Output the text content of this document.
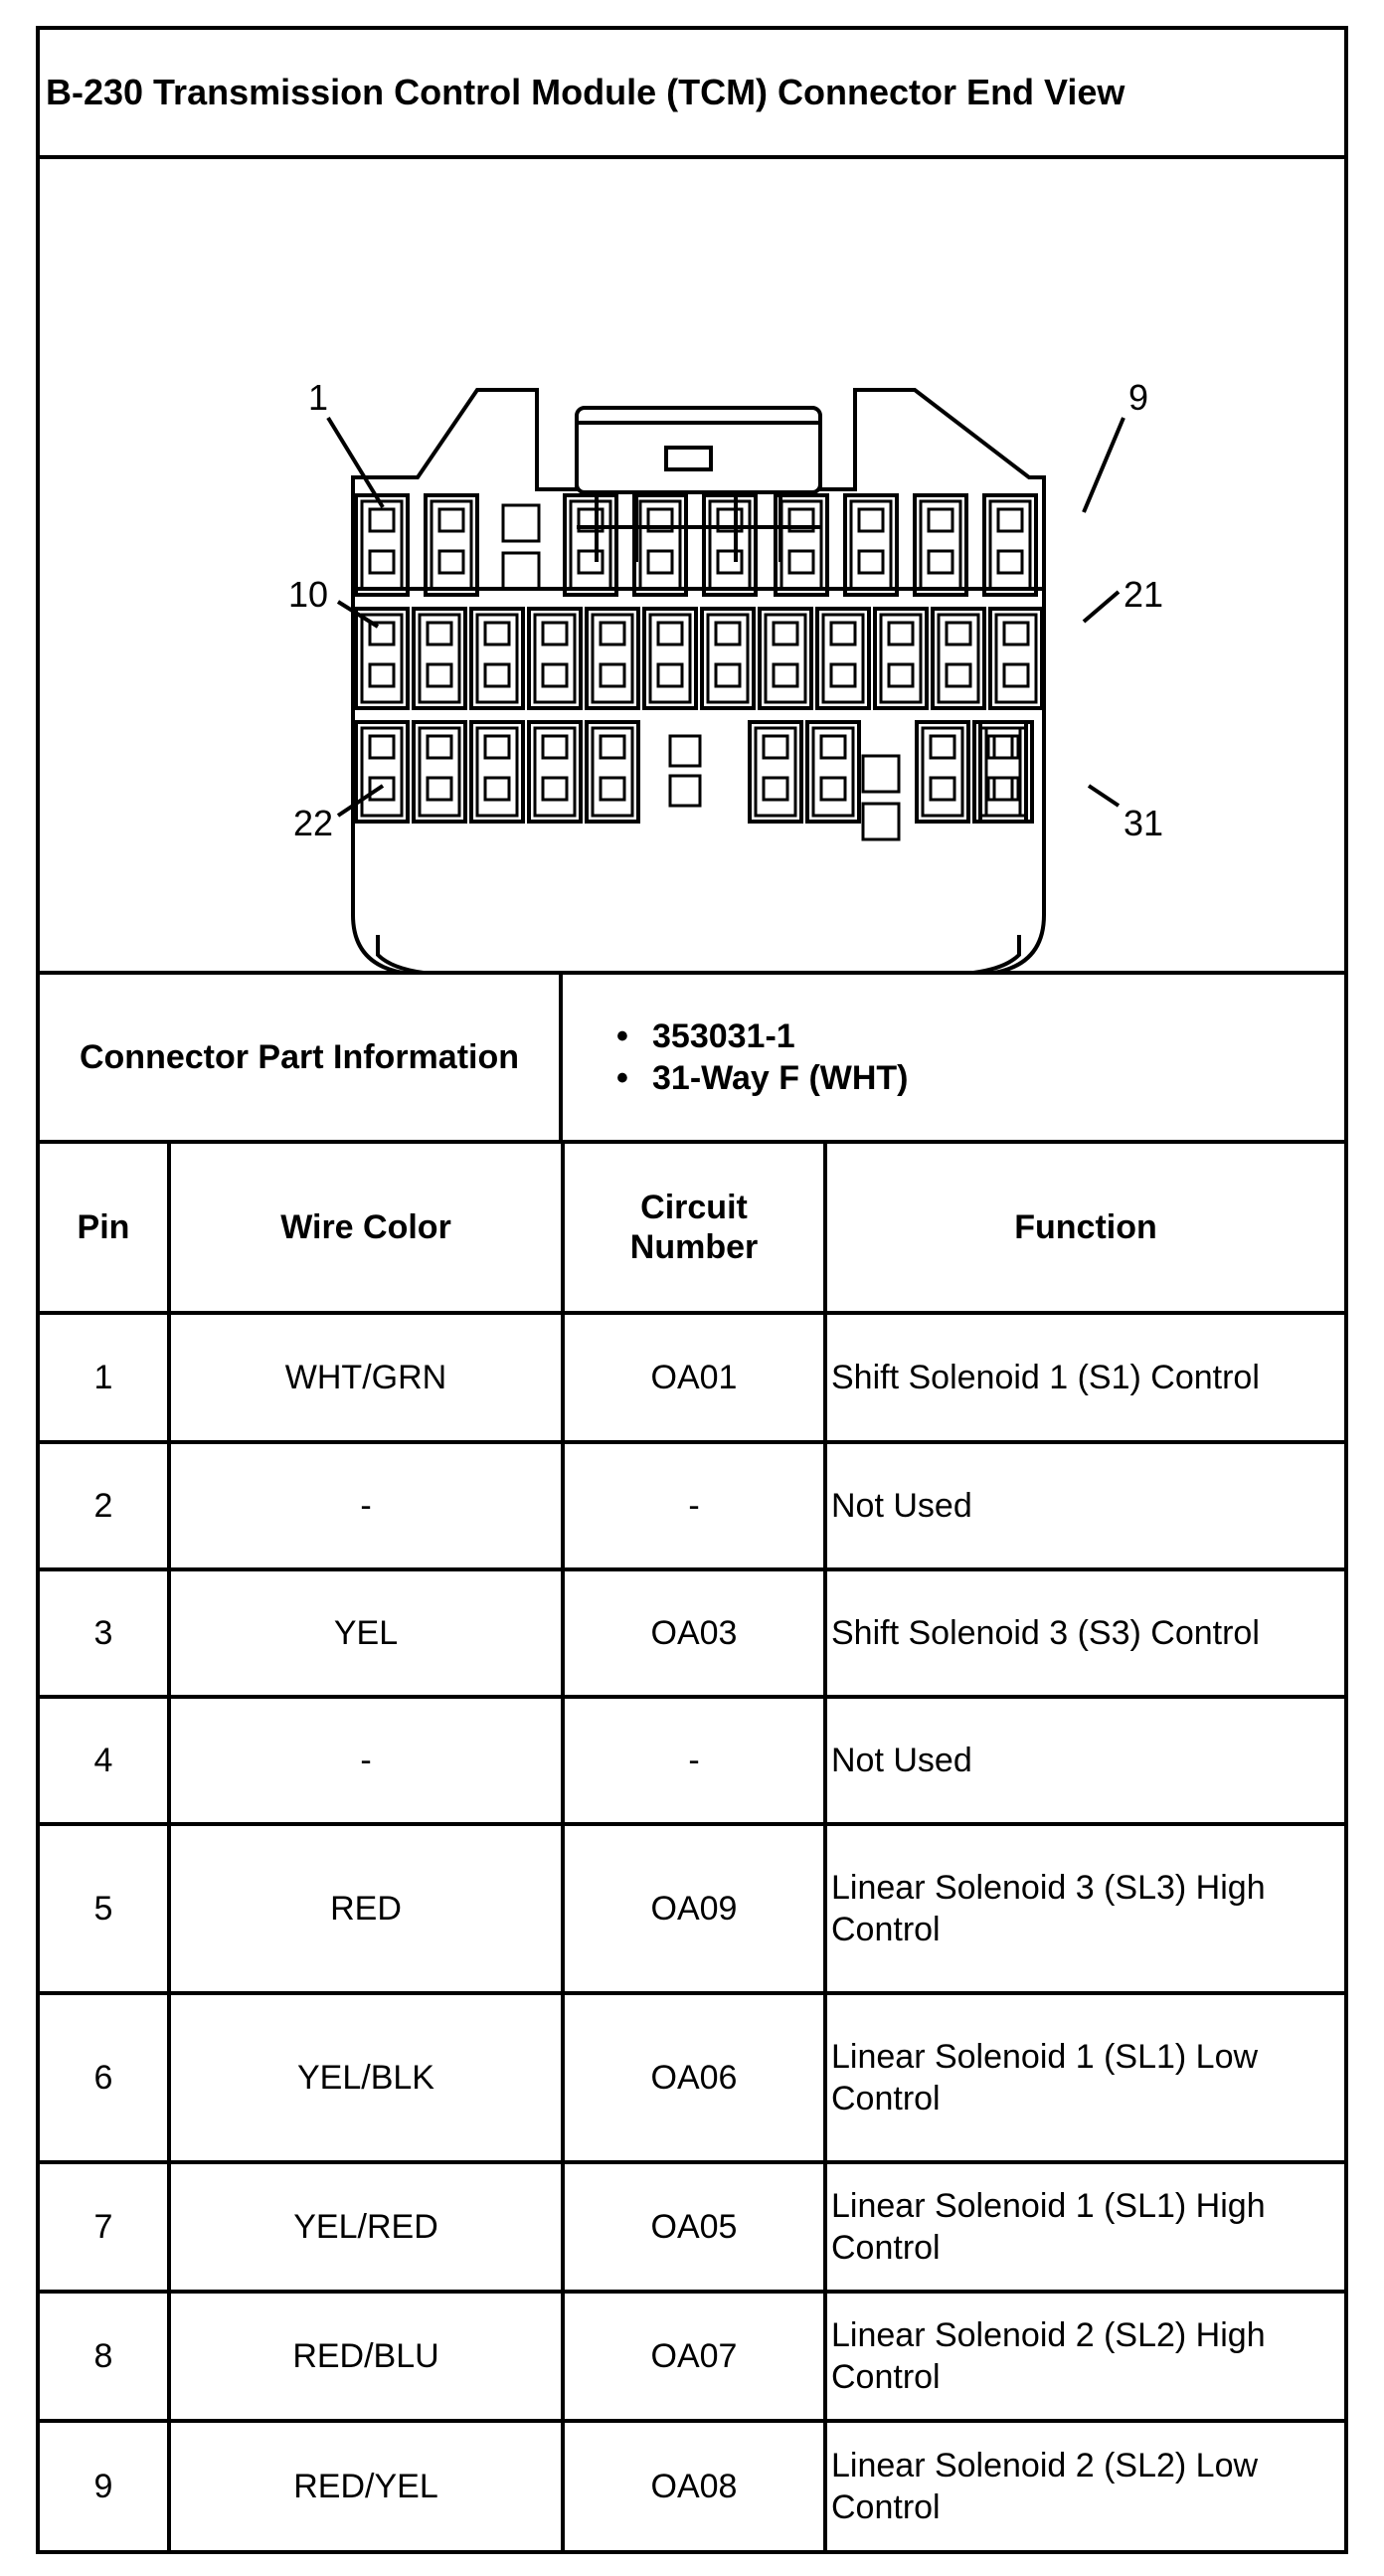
B-230 Transmission Control Module (TCM) Connector End View
1	9
10	21
22	31
Connector Part Information
• 353031-1
• 31-Way F (WHT)
Pin	Wire Color	Circuit Number	Function
1	WHT/GRN	OA01	Shift Solenoid 1 (S1) Control
2	-	-	Not Used
3	YEL	OA03	Shift Solenoid 3 (S3) Control
4	-	-	Not Used
5	RED	OA09	Linear Solenoid 3 (SL3) High Control
6	YEL/BLK	OA06	Linear Solenoid 1 (SL1) Low Control
7	YEL/RED	OA05	Linear Solenoid 1 (SL1) High Control
8	RED/BLU	OA07	Linear Solenoid 2 (SL2) High Control
9	RED/YEL	OA08	Linear Solenoid 2 (SL2) Low Control
